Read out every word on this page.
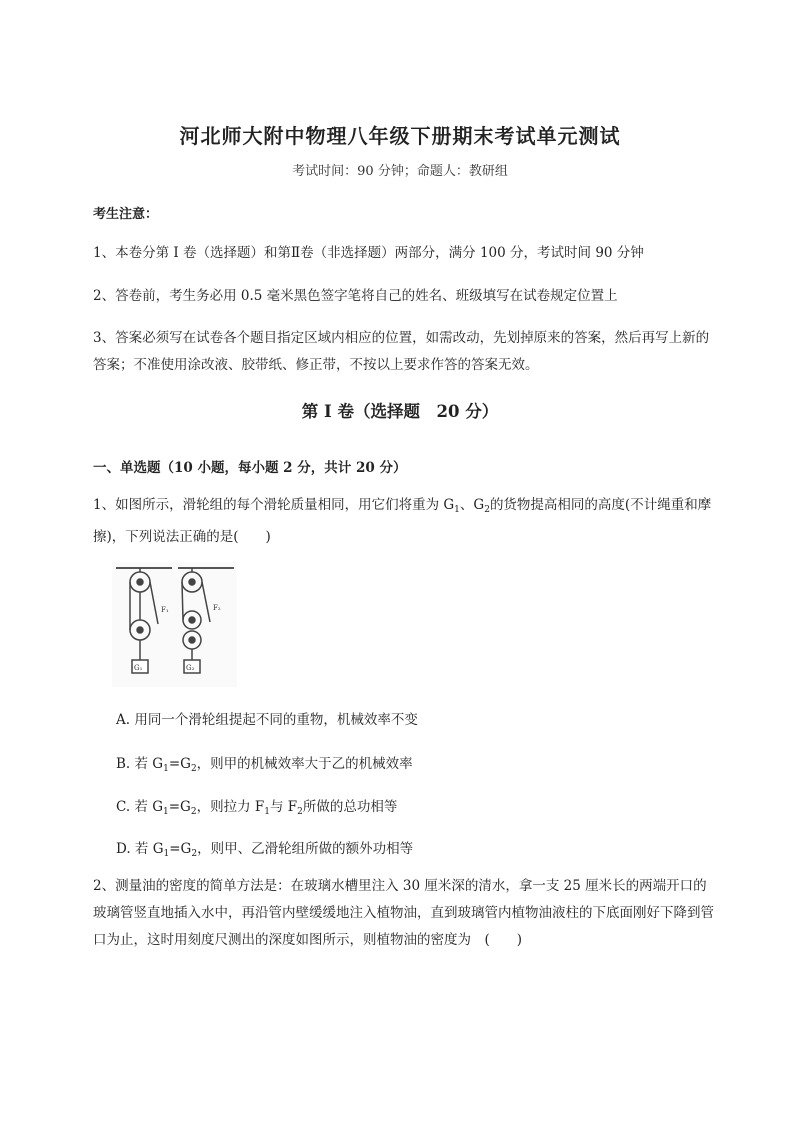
河北师大附中物理八年级下册期末考试单元测试
考试时间：90 分钟；命题人：教研组
考生注意：
1、本卷分第 I 卷（选择题）和第Ⅱ卷（非选择题）两部分，满分 100 分，考试时间 90 分钟
2、答卷前，考生务必用 0.5 毫米黑色签字笔将自己的姓名、班级填写在试卷规定位置上
3、答案必须写在试卷各个题目指定区域内相应的位置，如需改动，先划掉原来的答案，然后再写上新的答案；不准使用涂改液、胶带纸、修正带，不按以上要求作答的答案无效。
第 I 卷（选择题　20 分）
一、单选题（10 小题，每小题 2 分，共计 20 分）
1、如图所示，滑轮组的每个滑轮质量相同，用它们将重为 $G_1$、$G_2$的货物提高相同的高度(不计绳重和摩擦)，下列说法正确的是(　　)
F₁	F₂
G₁	G₂
A. 用同一个滑轮组提起不同的重物，机械效率不变
B. 若 $G_1=G_2$，则甲的机械效率大于乙的机械效率
C. 若 $G_1=G_2$，则拉力 $F_1$与 $F_2$所做的总功相等
D. 若 $G_1=G_2$，则甲、乙滑轮组所做的额外功相等
2、测量油的密度的简单方法是：在玻璃水槽里注入 30 厘米深的清水，拿一支 25 厘米长的两端开口的玻璃管竖直地插入水中，再沿管内壁缓缓地注入植物油，直到玻璃管内植物油液柱的下底面刚好下降到管口为止，这时用刻度尺测出的深度如图所示，则植物油的密度为　(　　)
